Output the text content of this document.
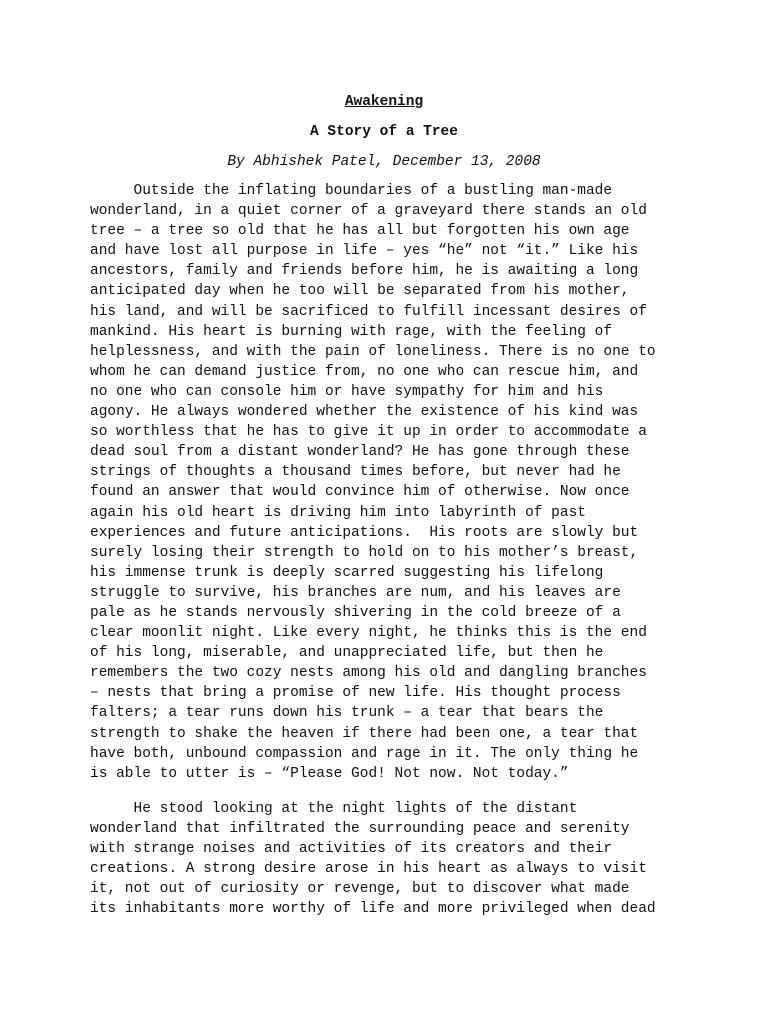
Awakening
A Story of a Tree
By Abhishek Patel, December 13, 2008
Outside the inflating boundaries of a bustling man-made
wonderland, in a quiet corner of a graveyard there stands an old
tree – a tree so old that he has all but forgotten his own age
and have lost all purpose in life – yes “he” not “it.” Like his
ancestors, family and friends before him, he is awaiting a long
anticipated day when he too will be separated from his mother,
his land, and will be sacrificed to fulfill incessant desires of
mankind. His heart is burning with rage, with the feeling of
helplessness, and with the pain of loneliness. There is no one to
whom he can demand justice from, no one who can rescue him, and
no one who can console him or have sympathy for him and his
agony. He always wondered whether the existence of his kind was
so worthless that he has to give it up in order to accommodate a
dead soul from a distant wonderland? He has gone through these
strings of thoughts a thousand times before, but never had he
found an answer that would convince him of otherwise. Now once
again his old heart is driving him into labyrinth of past
experiences and future anticipations.  His roots are slowly but
surely losing their strength to hold on to his mother’s breast,
his immense trunk is deeply scarred suggesting his lifelong
struggle to survive, his branches are num, and his leaves are
pale as he stands nervously shivering in the cold breeze of a
clear moonlit night. Like every night, he thinks this is the end
of his long, miserable, and unappreciated life, but then he
remembers the two cozy nests among his old and dangling branches
– nests that bring a promise of new life. His thought process
falters; a tear runs down his trunk – a tear that bears the
strength to shake the heaven if there had been one, a tear that
have both, unbound compassion and rage in it. The only thing he
is able to utter is – “Please God! Not now. Not today.”
He stood looking at the night lights of the distant
wonderland that infiltrated the surrounding peace and serenity
with strange noises and activities of its creators and their
creations. A strong desire arose in his heart as always to visit
it, not out of curiosity or revenge, but to discover what made
its inhabitants more worthy of life and more privileged when dead
